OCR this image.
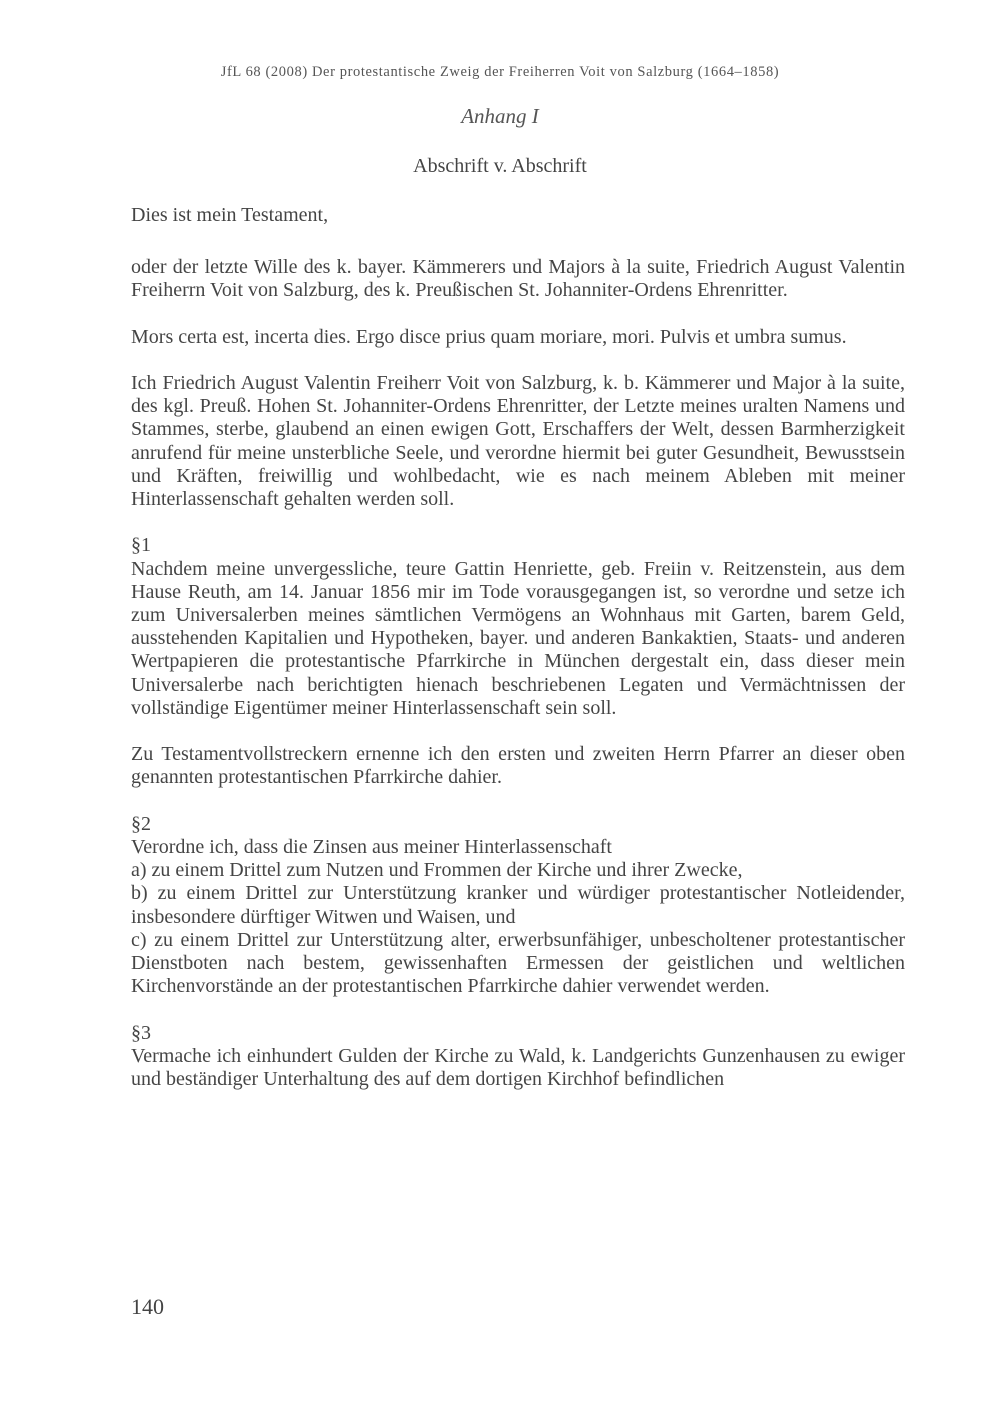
JfL 68 (2008) Der protestantische Zweig der Freiherren Voit von Salzburg (1664–1858)
Anhang I
Abschrift v. Abschrift
Dies ist mein Testament,

oder der letzte Wille des k. bayer. Kämmerers und Majors à la suite, Friedrich August Valentin Freiherrn Voit von Salzburg, des k. Preußischen St. Johanniter-Ordens Ehrenritter.

Mors certa est, incerta dies. Ergo disce prius quam moriare, mori. Pulvis et umbra sumus.

Ich Friedrich August Valentin Freiherr Voit von Salzburg, k. b. Kämmerer und Major à la suite, des kgl. Preuß. Hohen St. Johanniter-Ordens Ehrenritter, der Letzte meines uralten Namens und Stammes, sterbe, glaubend an einen ewigen Gott, Erschaffers der Welt, dessen Barmherzigkeit anrufend für meine unsterbliche Seele, und verordne hiermit bei guter Gesundheit, Bewusstsein und Kräften, freiwillig und wohlbedacht, wie es nach meinem Ableben mit meiner Hinterlassenschaft gehalten werden soll.

§1
Nachdem meine unvergessliche, teure Gattin Henriette, geb. Freiin v. Reitzenstein, aus dem Hause Reuth, am 14. Januar 1856 mir im Tode vorausgegangen ist, so verordne und setze ich zum Universalerben meines sämtlichen Vermögens an Wohnhaus mit Garten, barem Geld, ausstehenden Kapitalien und Hypotheken, bayer. und anderen Bankaktien, Staats- und anderen Wertpapieren die protestantische Pfarrkirche in München dergestalt ein, dass dieser mein Universalerbe nach berichtigten hienach beschriebenen Legaten und Vermächtnissen der vollständige Eigentümer meiner Hinterlassenschaft sein soll.

Zu Testamentvollstreckern ernenne ich den ersten und zweiten Herrn Pfarrer an dieser oben genannten protestantischen Pfarrkirche dahier.

§2
Verordne ich, dass die Zinsen aus meiner Hinterlassenschaft
a) zu einem Drittel zum Nutzen und Frommen der Kirche und ihrer Zwecke,
b) zu einem Drittel zur Unterstützung kranker und würdiger protestantischer Notleidender, insbesondere dürftiger Witwen und Waisen, und
c) zu einem Drittel zur Unterstützung alter, erwerbsunfähiger, unbescholtener protestantischer Dienstboten nach bestem, gewissenhaften Ermessen der geistlichen und weltlichen Kirchenvorstände an der protestantischen Pfarrkirche dahier verwendet werden.

§3
Vermache ich einhundert Gulden der Kirche zu Wald, k. Landgerichts Gunzenhausen zu ewiger und beständiger Unterhaltung des auf dem dortigen Kirchhof befindlichen

140
